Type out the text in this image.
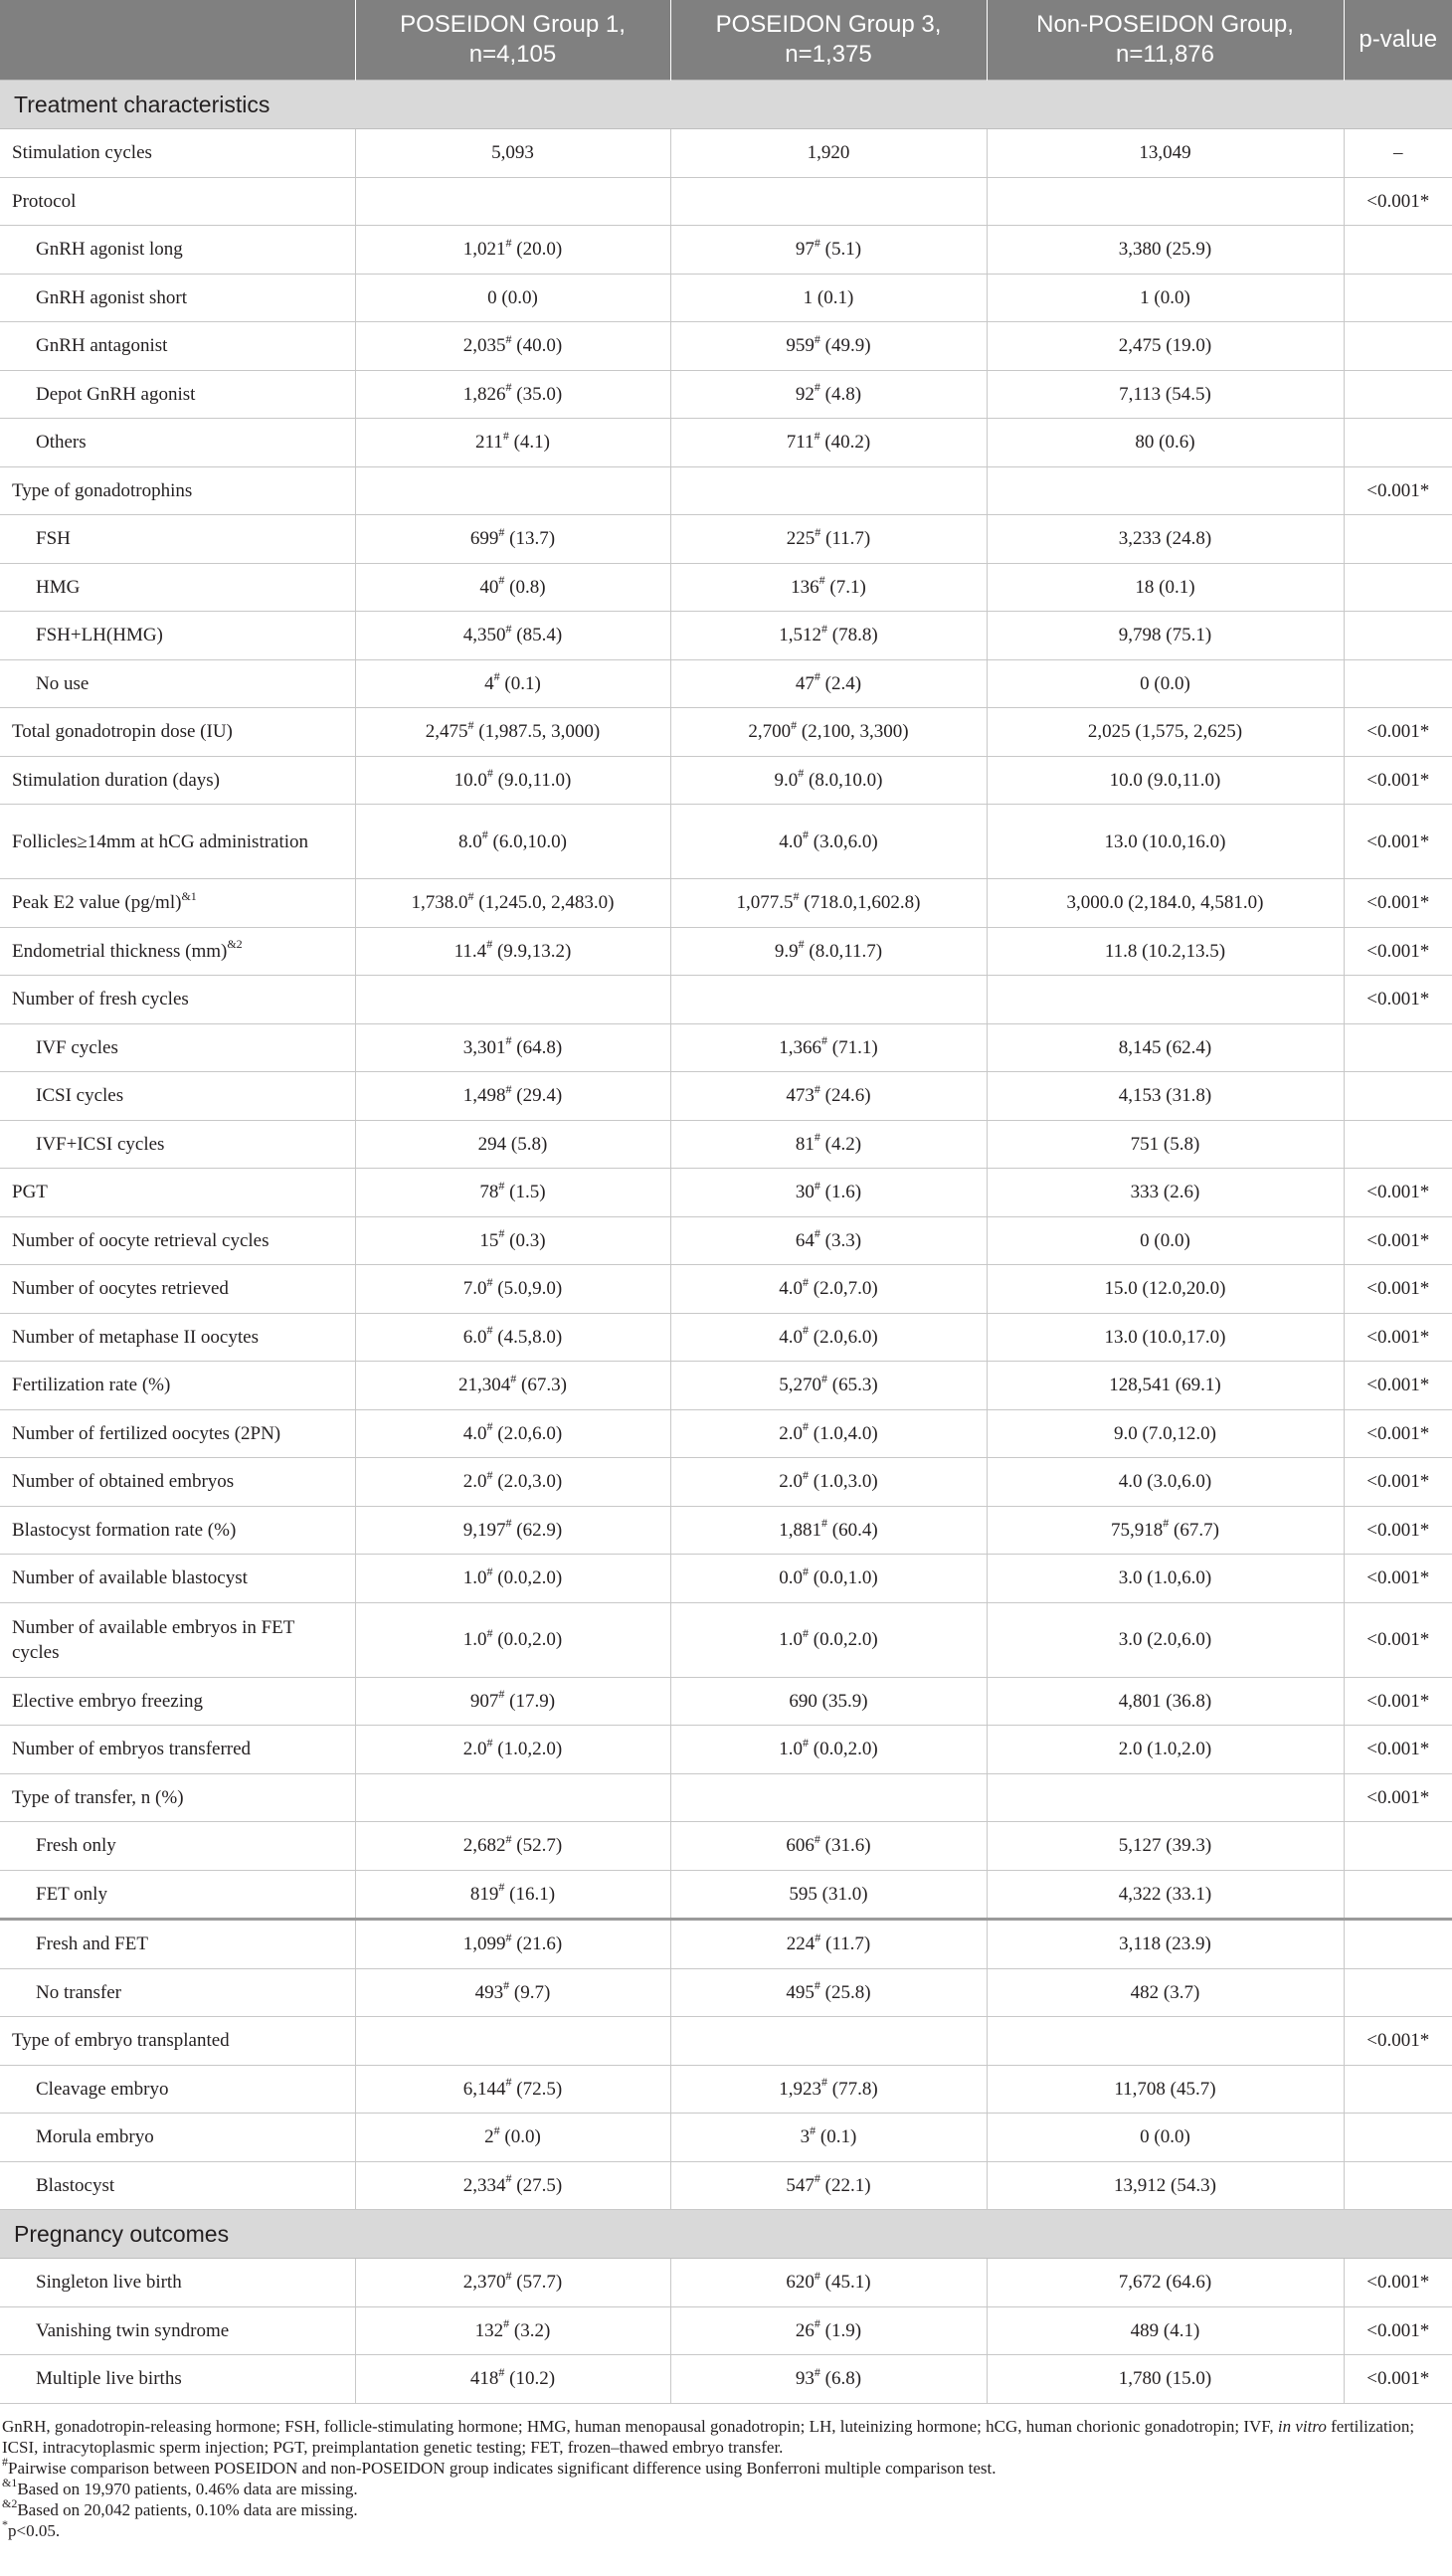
	POSEIDON Group 1, n=4,105	POSEIDON Group 3, n=1,375	Non-POSEIDON Group, n=11,876	p-value
Treatment characteristics				
Stimulation cycles	5,093	1,920	13,049	–
Protocol				<0.001*
GnRH agonist long	1,021# (20.0)	97# (5.1)	3,380 (25.9)	
GnRH agonist short	0 (0.0)	1 (0.1)	1 (0.0)	
GnRH antagonist	2,035# (40.0)	959# (49.9)	2,475 (19.0)	
Depot GnRH agonist	1,826# (35.0)	92# (4.8)	7,113 (54.5)	
Others	211# (4.1)	711# (40.2)	80 (0.6)	
Type of gonadotrophins				<0.001*
FSH	699# (13.7)	225# (11.7)	3,233 (24.8)	
HMG	40# (0.8)	136# (7.1)	18 (0.1)	
FSH+LH(HMG)	4,350# (85.4)	1,512# (78.8)	9,798 (75.1)	
No use	4# (0.1)	47# (2.4)	0 (0.0)	
Total gonadotropin dose (IU)	2,475# (1,987.5, 3,000)	2,700# (2,100, 3,300)	2,025 (1,575, 2,625)	<0.001*
Stimulation duration (days)	10.0# (9.0,11.0)	9.0# (8.0,10.0)	10.0 (9.0,11.0)	<0.001*
Follicles≥14mm at hCG administration	8.0# (6.0,10.0)	4.0# (3.0,6.0)	13.0 (10.0,16.0)	<0.001*
Peak E2 value $(pg/ml)^{\&1}$	1,738.0# (1,245.0, 2,483.0)	1,077.5# (718.0,1,602.8)	3,000.0 (2,184.0, 4,581.0)	<0.001*
Endometrial thickness (mm)$^{\&2}$	11.4# (9.9,13.2)	9.9# (8.0,11.7)	11.8 (10.2,13.5)	<0.001*
Number of fresh cycles				<0.001*
IVF cycles	3,301# (64.8)	1,366# (71.1)	8,145 (62.4)	
ICSI cycles	1,498# (29.4)	473# (24.6)	4,153 (31.8)	
IVF+ICSI cycles	294 (5.8)	81# (4.2)	751 (5.8)	
PGT	78# (1.5)	30# (1.6)	333 (2.6)	<0.001*
Number of oocyte retrieval cycles	15# (0.3)	64# (3.3)	0 (0.0)	<0.001*
Number of oocytes retrieved	7.0# (5.0,9.0)	4.0# (2.0,7.0)	15.0 (12.0,20.0)	<0.001*
Number of metaphase II oocytes	6.0# (4.5,8.0)	4.0# (2.0,6.0)	13.0 (10.0,17.0)	<0.001*
Fertilization rate (%)	21,304# (67.3)	5,270# (65.3)	128,541 (69.1)	<0.001*
Number of fertilized oocytes (2PN)	4.0# (2.0,6.0)	2.0# (1.0,4.0)	9.0 (7.0,12.0)	<0.001*
Number of obtained embryos	2.0# (2.0,3.0)	2.0# (1.0,3.0)	4.0 (3.0,6.0)	<0.001*
Blastocyst formation rate (%)	9,197# (62.9)	1,881# (60.4)	75,918# (67.7)	<0.001*
Number of available blastocyst	1.0# (0.0,2.0)	0.0# (0.0,1.0)	3.0 (1.0,6.0)	<0.001*
Number of available embryos in FET cycles	1.0# (0.0,2.0)	1.0# (0.0,2.0)	3.0 (2.0,6.0)	<0.001*
Elective embryo freezing	907# (17.9)	690 (35.9)	4,801 (36.8)	<0.001*
Number of embryos transferred	2.0# (1.0,2.0)	1.0# (0.0,2.0)	2.0 (1.0,2.0)	<0.001*
Type of transfer, n (%)				<0.001*
Fresh only	2,682# (52.7)	606# (31.6)	5,127 (39.3)	
FET only	819# (16.1)	595 (31.0)	4,322 (33.1)	
Fresh and FET	1,099# (21.6)	224# (11.7)	3,118 (23.9)	
No transfer	493# (9.7)	495# (25.8)	482 (3.7)	
Type of embryo transplanted				<0.001*
Cleavage embryo	6,144# (72.5)	1,923# (77.8)	11,708 (45.7)	
Morula embryo	2# (0.0)	3# (0.1)	0 (0.0)	
Blastocyst	2,334# (27.5)	547# (22.1)	13,912 (54.3)	
Pregnancy outcomes				
Singleton live birth	2,370# (57.7)	620# (45.1)	7,672 (64.6)	<0.001*
Vanishing twin syndrome	132# (3.2)	26# (1.9)	489 (4.1)	<0.001*
Multiple live births	418# (10.2)	93# (6.8)	1,780 (15.0)	<0.001*

GnRH, gonadotropin-releasing hormone; FSH, follicle-stimulating hormone; HMG, human menopausal gonadotropin; LH, luteinizing hormone; hCG, human chorionic gonadotropin; IVF, in vitro fertilization; ICSI, intracytoplasmic sperm injection; PGT, preimplantation genetic testing; FET, frozen–thawed embryo transfer.

#Pairwise comparison between POSEIDON and non-POSEIDON group indicates significant difference using Bonferroni multiple comparison test.

$^{\&1}$Based on 19,970 patients, 0.46% data are missing.

$^{\&2}$Based on 20,042 patients, 0.10% data are missing.

*p<0.05.
